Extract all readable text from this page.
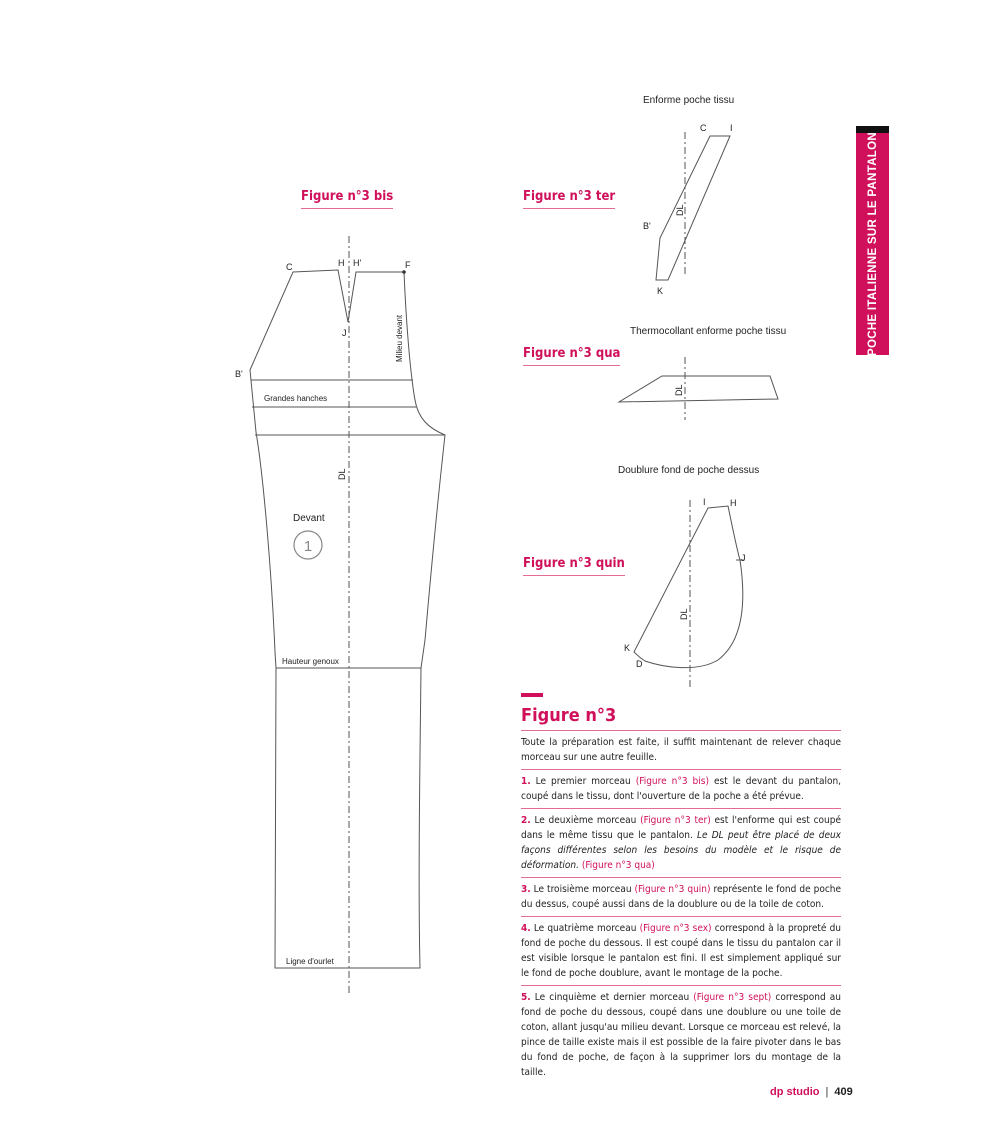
POCHE ITALIENNE SUR LE PANTALON
Figure n°3 bis	Figure n°3 ter
Figure n°3 qua
Figure n°3 quin
Enforme poche tissu
Thermocollant enforme poche tissu
Doublure fond de poche dessus
C	H H'	F
J
B'
Milieu devant
Grandes hanches
DL
Devant
1
Hauteur genoux
Ligne d'ourlet
C	I
B'
K
DL
DL
I	H
J
K
D
DL
Figure n°3
Toute la préparation est faite, il suffit maintenant de relever chaque morceau sur une autre feuille.
1. Le premier morceau (Figure n°3 bis) est le devant du pantalon, coupé dans le tissu, dont l'ouverture de la poche a été prévue.
2. Le deuxième morceau (Figure n°3 ter) est l'enforme qui est coupé dans le même tissu que le pantalon. Le DL peut être placé de deux façons différentes selon les besoins du modèle et le risque de déformation. (Figure n°3 qua)
3. Le troisième morceau (Figure n°3 quin) représente le fond de poche du dessus, coupé aussi dans de la doublure ou de la toile de coton.
4. Le quatrième morceau (Figure n°3 sex) correspond à la propreté du fond de poche du dessous. Il est coupé dans le tissu du pantalon car il est visible lorsque le pantalon est fini. Il est simplement appliqué sur le fond de poche doublure, avant le montage de la poche.
5. Le cinquième et dernier morceau (Figure n°3 sept) correspond au fond de poche du dessous, coupé dans une doublure ou une toile de coton, allant jusqu'au milieu devant. Lorsque ce morceau est relevé, la pince de taille existe mais il est possible de la faire pivoter dans le bas du fond de poche, de façon à la supprimer lors du montage de la taille.
dp studio | 409
